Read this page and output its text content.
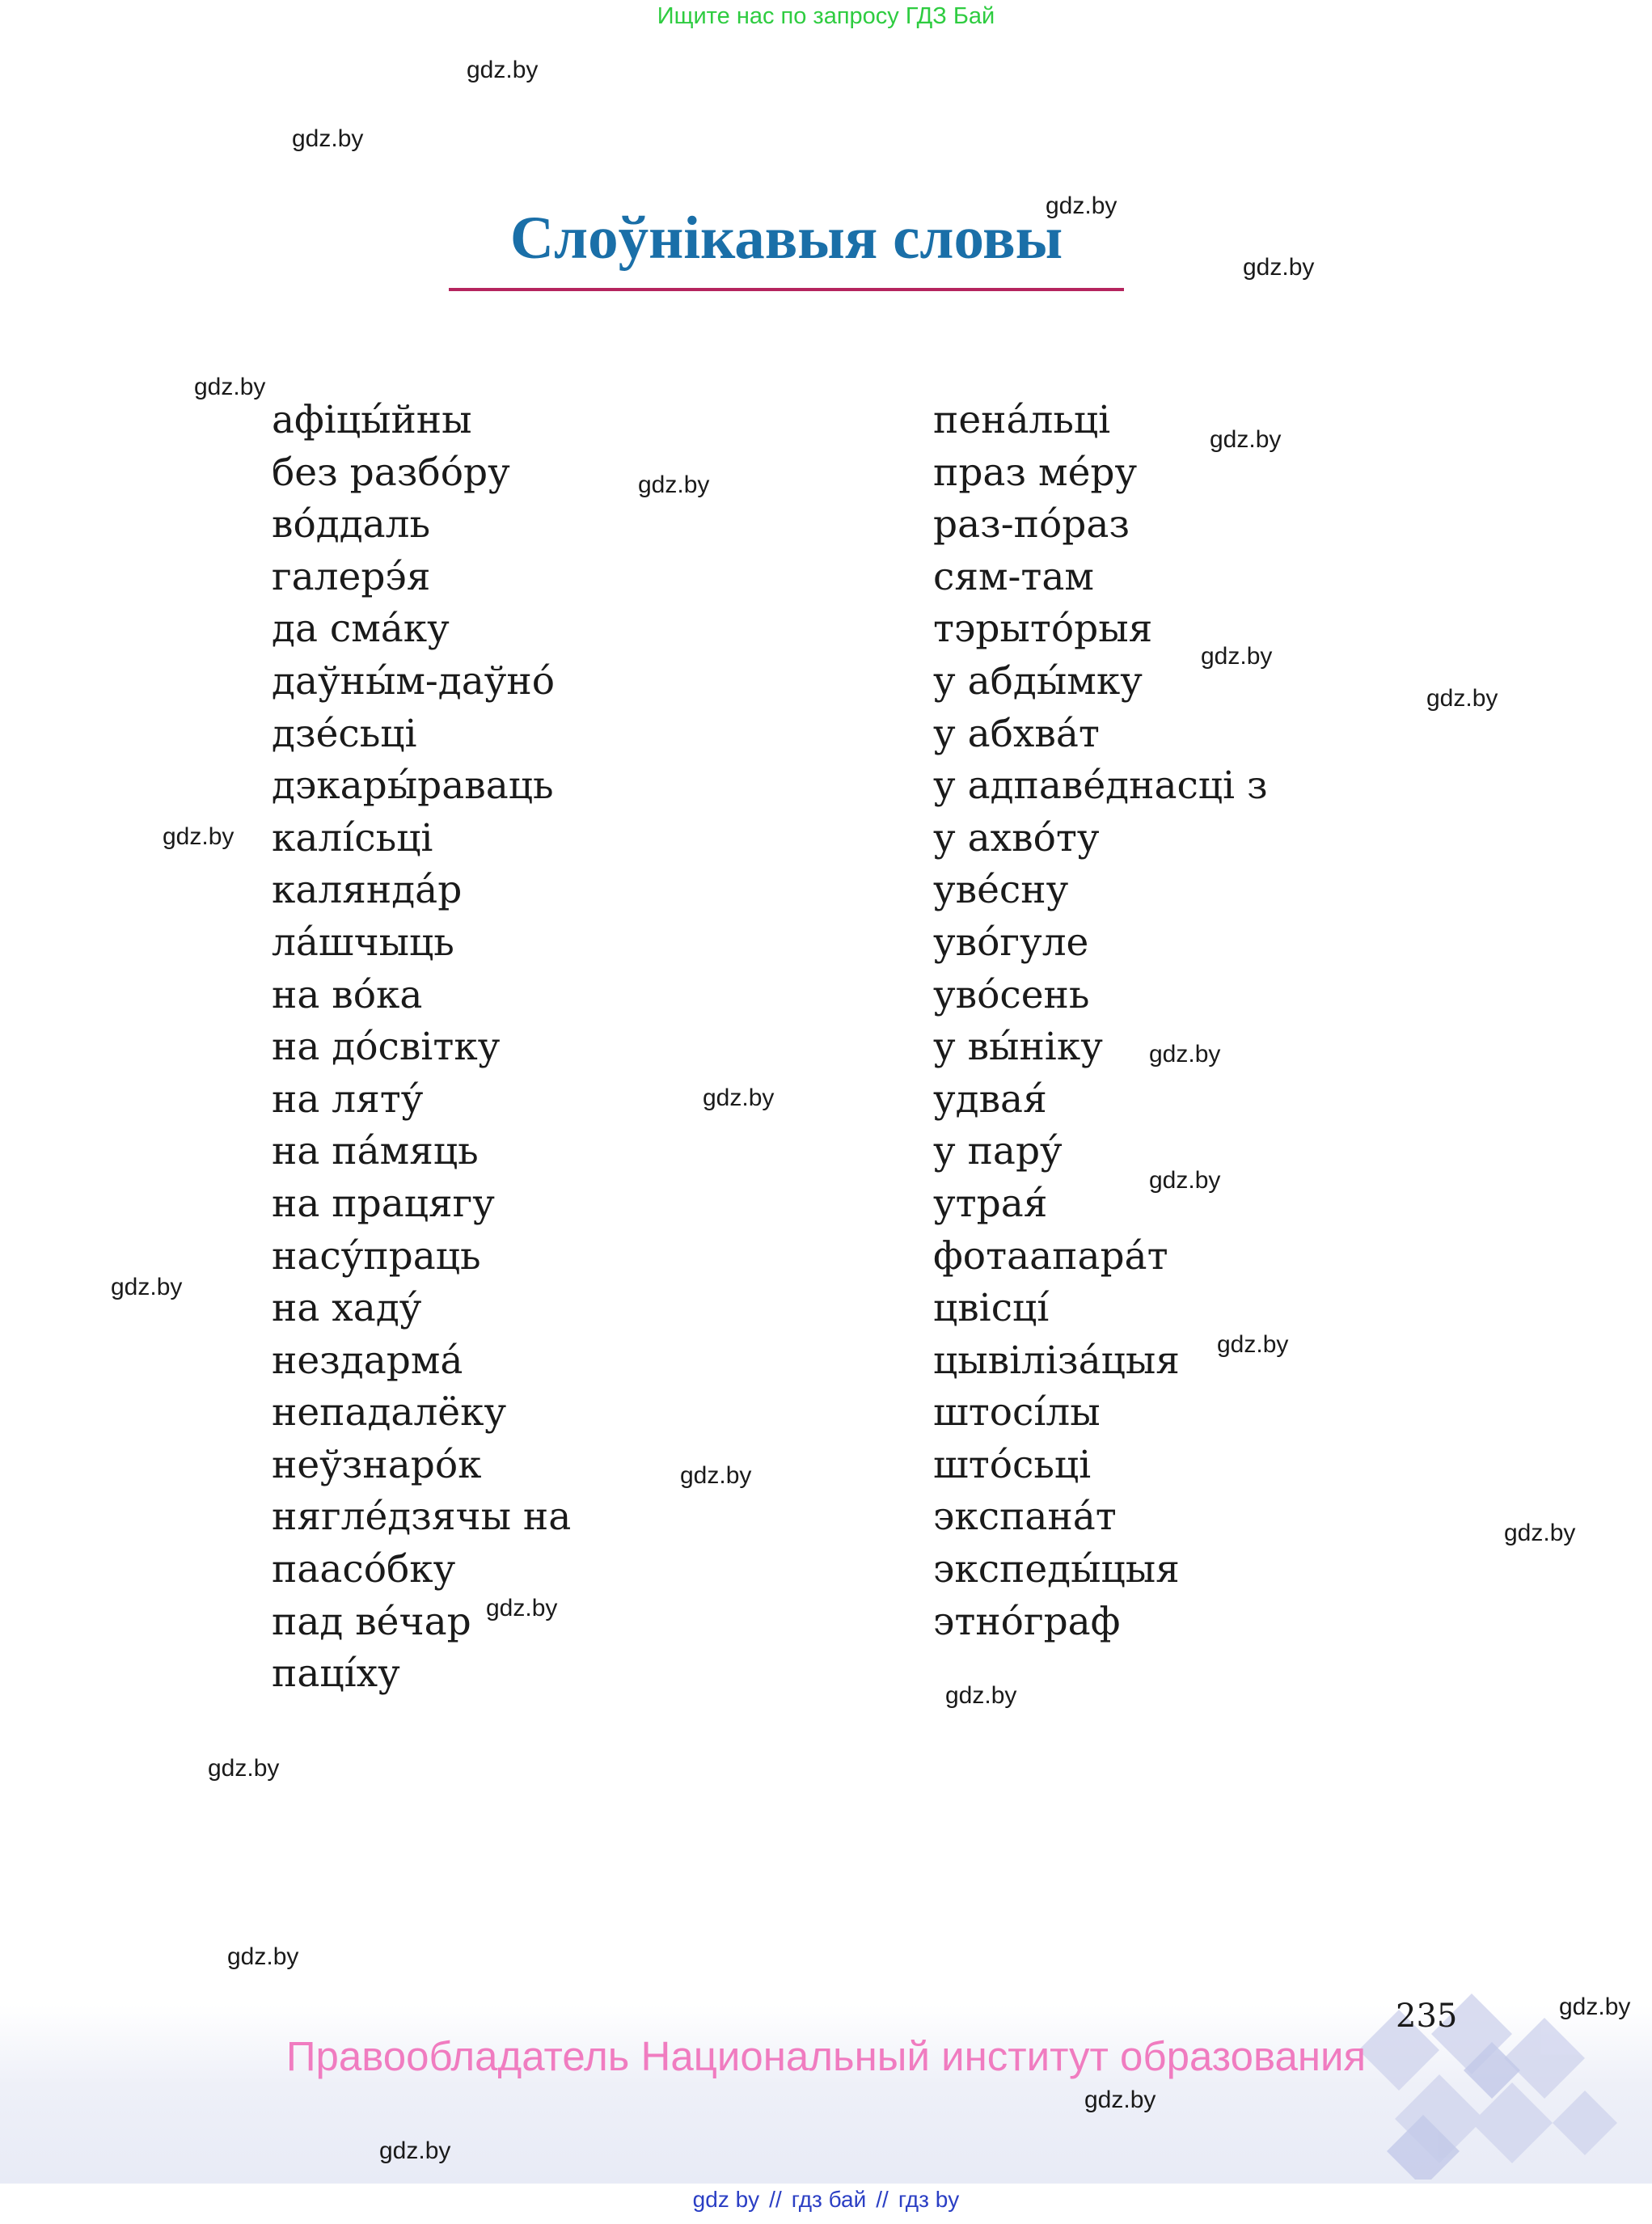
Ищите нас по запросу ГДЗ Бай
Слоўнікавыя словы
афіцы́йны
без разбо́ру
во́ддаль
галерэ́я
да сма́ку
даўны́м-даўно́
дзе́сьці
дэкары́раваць
калі́сьці
каляндáр
ла́шчыць
на во́ка
на до́світку
на ляту́
на па́мяць
на працягу
насу́праць
на хаду́
нездарма́
непадалёку
неўзнаро́к
нягле́дзячы на
паасо́бку
пад ве́чар
паці́ху
пена́льці
праз ме́ру
раз-по́раз
сям-там
тэрыто́рыя
у абды́мку
у абхва́т
у адпаве́днасці з
у ахво́ту
уве́сну
уво́гуле
уво́сень
у вы́ніку
удвая́
у пару́
утрая́
фотаапара́т
цвісці́
цывіліза́цыя
штосі́лы
што́сьці
экспана́т
экспеды́цыя
этно́граф
gdz.by
gdz.by
gdz.by
gdz.by
gdz.by
gdz.by
gdz.by
gdz.by
gdz.by
gdz.by
gdz.by
gdz.by
gdz.by
gdz.by
gdz.by
gdz.by
gdz.by
gdz.by
gdz.by
gdz.by
gdz.by
235	gdz.by
Правообладатель Национальный институт образования
gdz.by
gdz.by
gdz by // гдз бай // гдз by
